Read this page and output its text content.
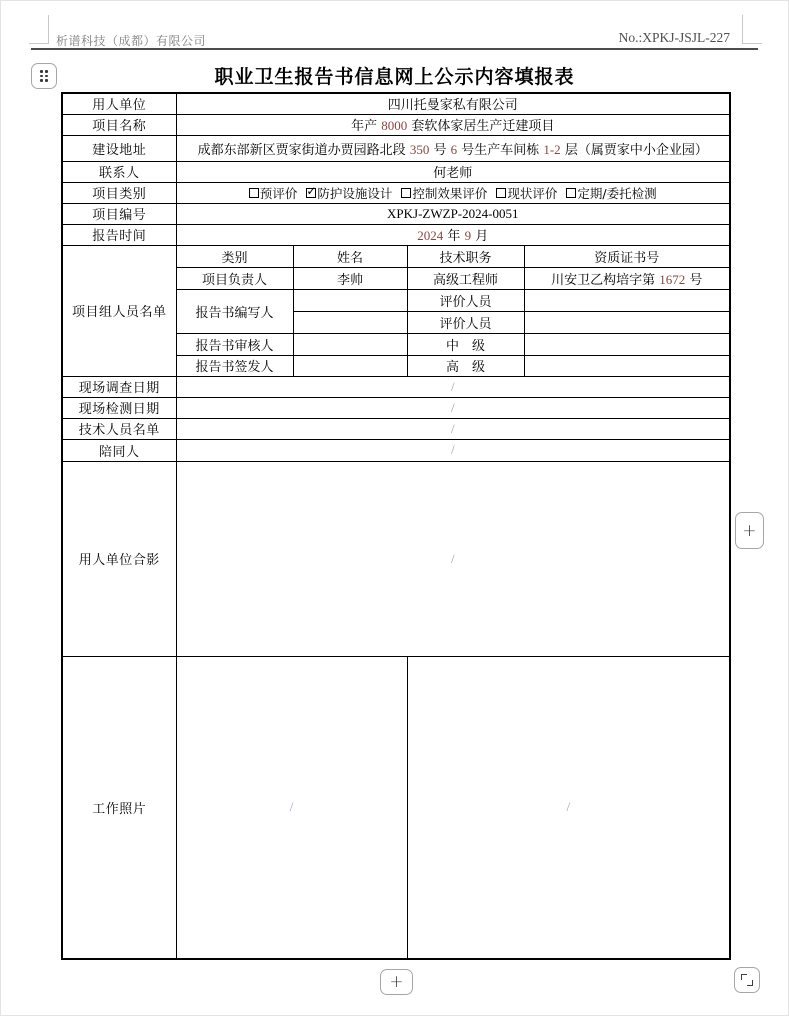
析谱科技（成都）有限公司	No.:XPKJ-JSJL-227
职业卫生报告书信息网上公示内容填报表
用人单位	四川托曼家私有限公司			
项目名称	年产 8000 套软体家居生产迁建项目			
建设地址	成都东部新区贾家街道办贾园路北段 350 号 6 号生产车间栋 1-2 层（属贾家中小企业园）			
联系人	何老师			
项目类别	预评价 ✓ 防护设施设计 控制效果评价 现状评价 定期/委托检测

项目编号	XPKJ-ZWZP-2024-0051			
报告时间	2024 年 9 月			
项目组人员名单	类别	姓名	技术职务	资质证书号
	项目负责人	李帅	高级工程师	川安卫乙构培字第 1672 号
	报告书编写人		评价人员	
			评价人员	
	报告书审核人		中　级	
	报告书签发人		高　级	
现场调查日期	/			
现场检测日期	/			
技术人员名单	/			
陪同人	/			
用人单位合影	/			
工作照片	/		/	
+
+
